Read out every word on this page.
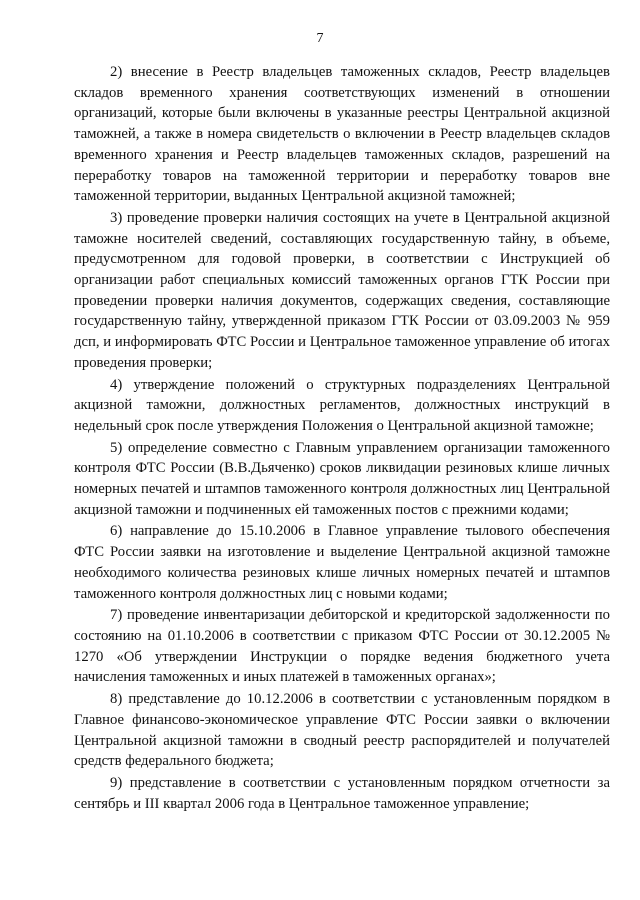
7

2) внесение в Реестр владельцев таможенных складов, Реестр владельцев складов временного хранения соответствующих изменений в отношении организаций, которые были включены в указанные реестры Центральной акцизной таможней, а также в номера свидетельств о включении в Реестр владельцев складов временного хранения и Реестр владельцев таможенных складов, разрешений на переработку товаров на таможенной территории и переработку товаров вне таможенной территории, выданных Центральной акцизной таможней;

3) проведение проверки наличия состоящих на учете в Центральной акцизной таможне носителей сведений, составляющих государственную тайну, в объеме, предусмотренном для годовой проверки, в соответствии с Инструкцией об организации работ специальных комиссий таможенных органов ГТК России при проведении проверки наличия документов, содержащих сведения, составляющие государственную тайну, утвержденной приказом ГТК России от 03.09.2003 № 959 дсп, и информировать ФТС России и Центральное таможенное управление об итогах проведения проверки;

4) утверждение положений о структурных подразделениях Центральной акцизной таможни, должностных регламентов, должностных инструкций в недельный срок после утверждения Положения о Центральной акцизной таможне;

5) определение совместно с Главным управлением организации таможенного контроля ФТС России (В.В.Дьяченко) сроков ликвидации резиновых клише личных номерных печатей и штампов таможенного контроля должностных лиц Центральной акцизной таможни и подчиненных ей таможенных постов с прежними кодами;

6) направление до 15.10.2006 в Главное управление тылового обеспечения ФТС России заявки на изготовление и выделение Центральной акцизной таможне необходимого количества резиновых клише личных номерных печатей и штампов таможенного контроля должностных лиц с новыми кодами;

7) проведение инвентаризации дебиторской и кредиторской задолженности по состоянию на 01.10.2006 в соответствии с приказом ФТС России от 30.12.2005 № 1270 «Об утверждении Инструкции о порядке ведения бюджетного учета начисления таможенных и иных платежей в таможенных органах»;

8) представление до 10.12.2006 в соответствии с установленным порядком в Главное финансово-экономическое управление ФТС России заявки о включении Центральной акцизной таможни в сводный реестр распорядителей и получателей средств федерального бюджета;

9) представление в соответствии с установленным порядком отчетности за сентябрь и III квартал 2006 года в Центральное таможенное управление;
